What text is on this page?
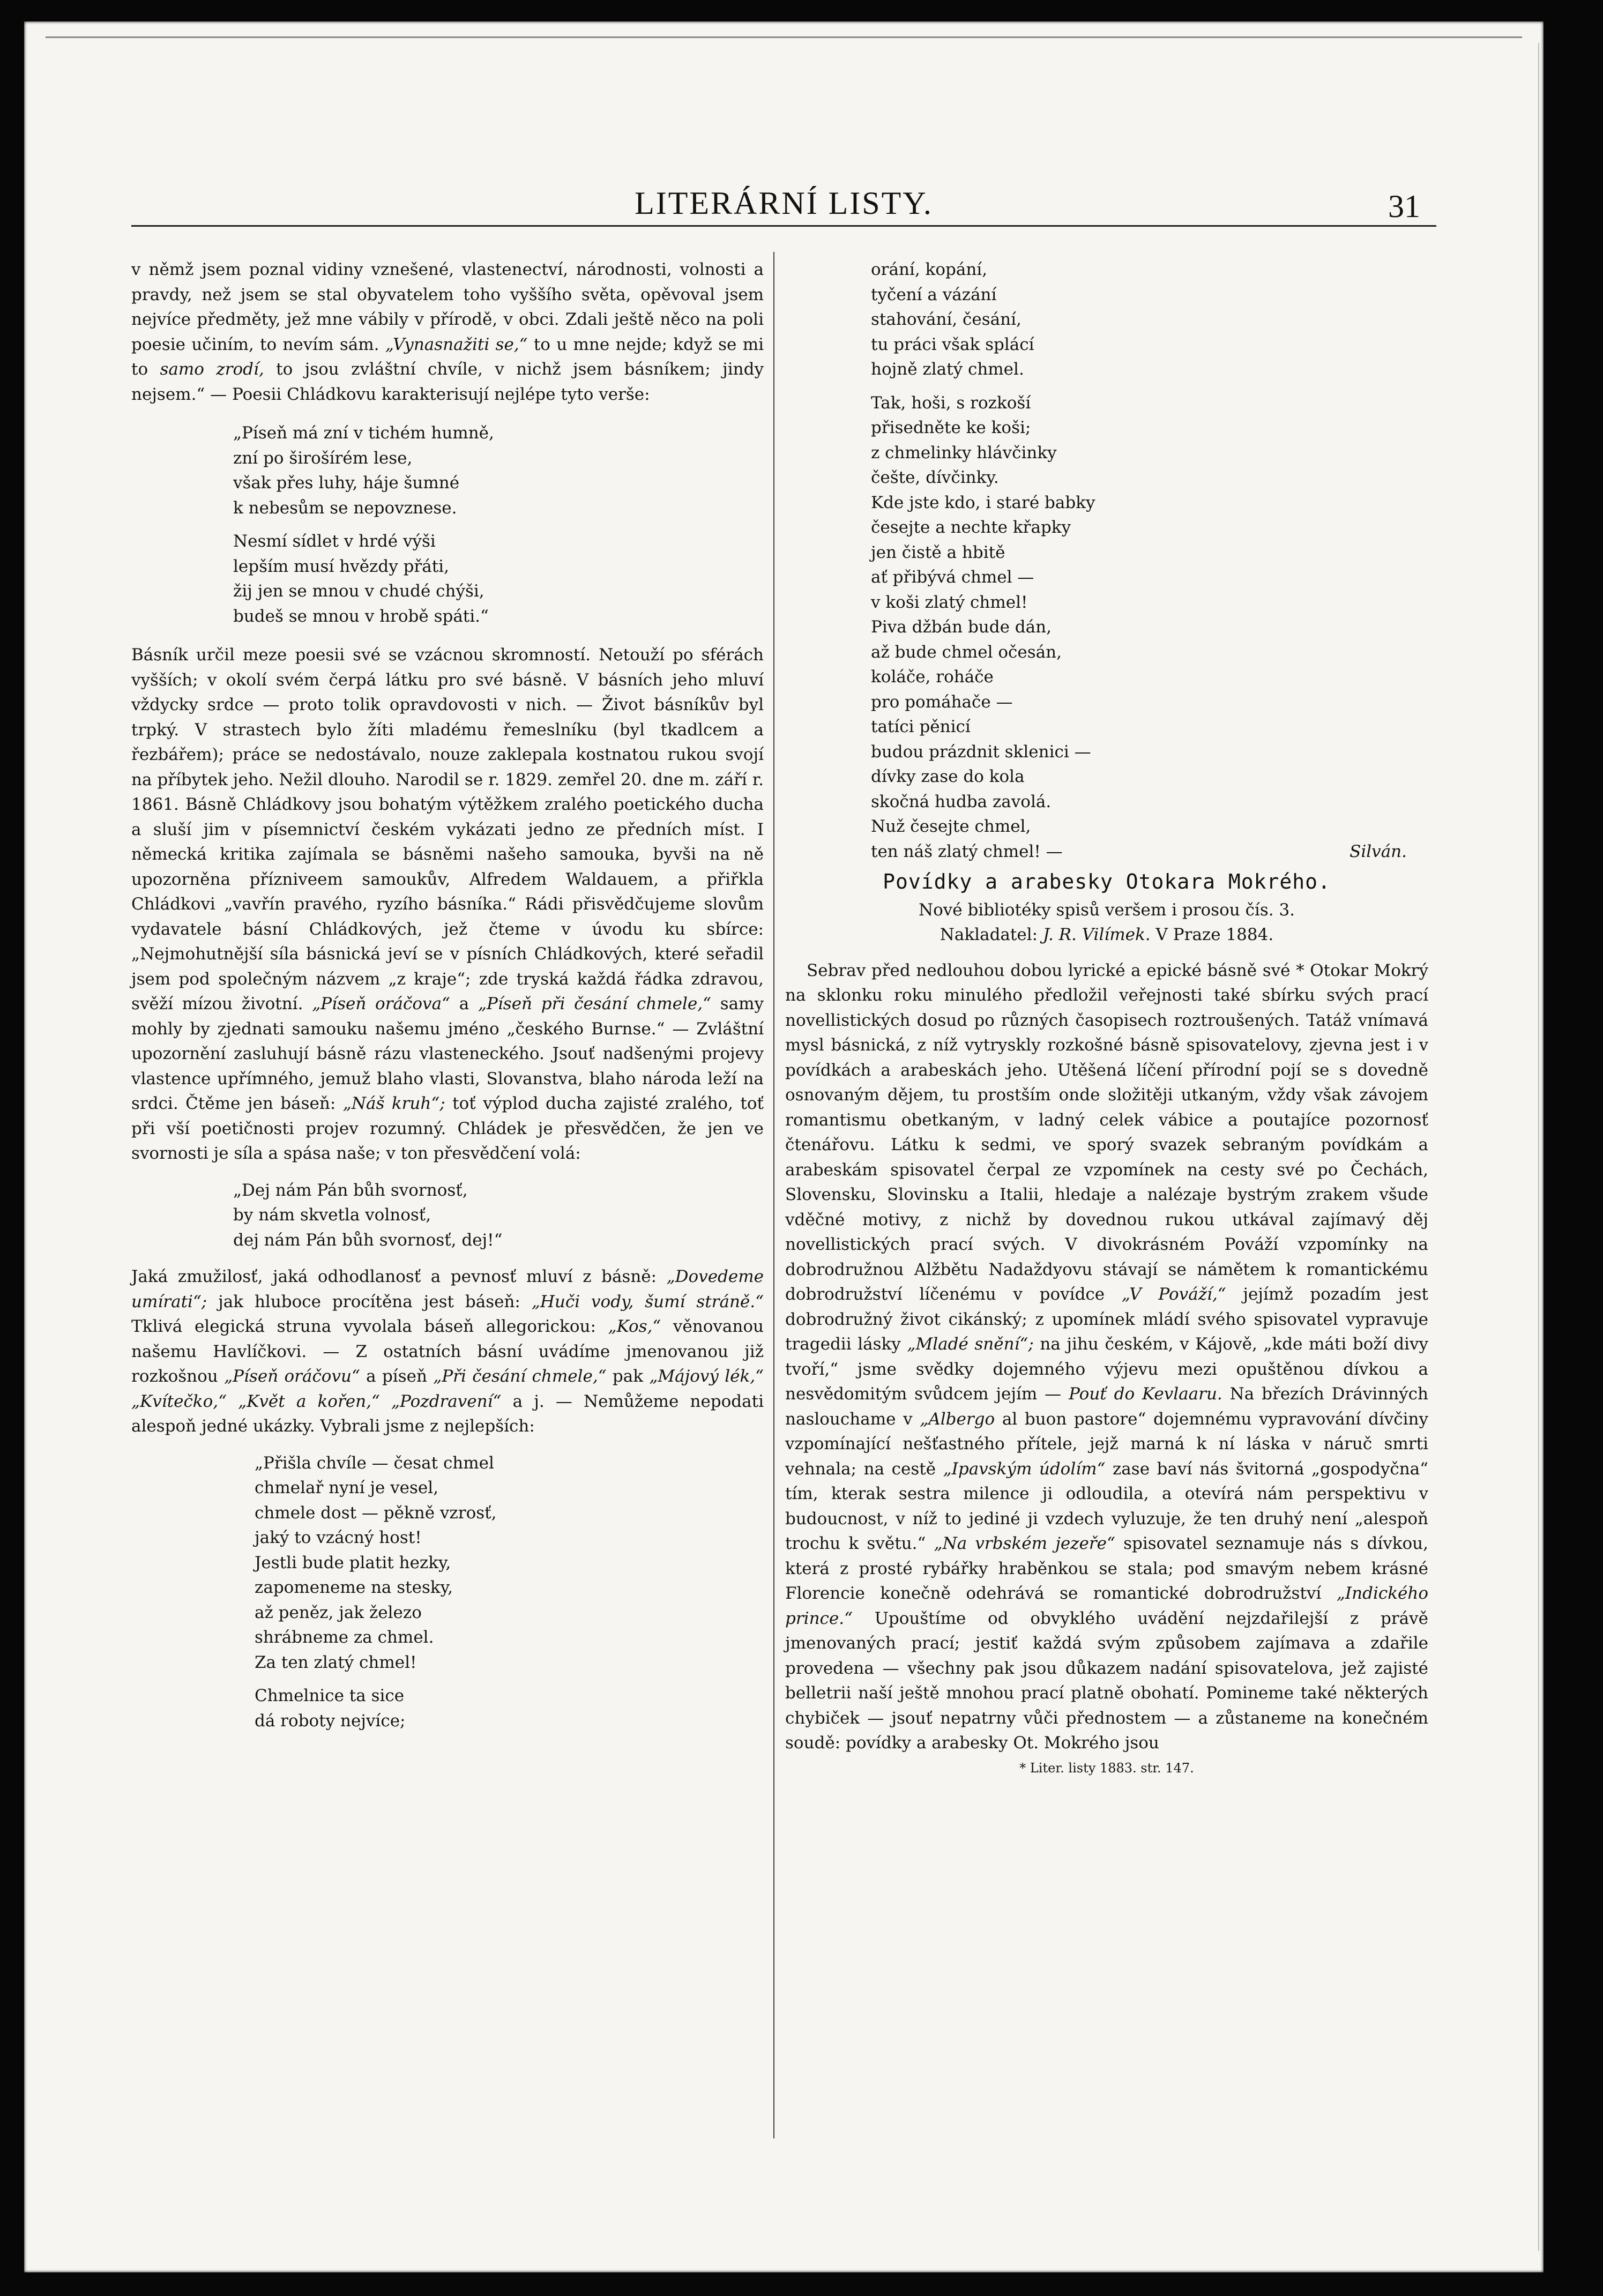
LITERÁRNÍ LISTY.	31

v němž jsem poznal vidiny vznešené, vlastenectví, národnosti, volnosti a pravdy, než jsem se stal obyvatelem toho vyššího světa, opěvoval jsem nejvíce předměty, jež mne vábily v přírodě, v obci. Zdali ještě něco na poli poesie učiním, to nevím sám. „Vynasnažiti se,“ to u mne nejde; když se mi to samo zrodí, to jsou zvláštní chvíle, v nichž jsem básníkem; jindy nejsem.“ — Poesii Chládkovu karakterisují nejlépe tyto verše:

„Píseň má zní v tichém humně,
zní po širošírém lese,
však přes luhy, háje šumné
k nebesům se nepovznese.
Nesmí sídlet v hrdé výši
lepším musí hvězdy přáti,
žij jen se mnou v chudé chýši,
budeš se mnou v hrobě spáti.“

Básník určil meze poesii své se vzácnou skromností. Netouží po sférách vyšších; v okolí svém čerpá látku pro své básně. V básních jeho mluví vždycky srdce — proto tolik opravdovosti v nich. — Život básníkův byl trpký. V strastech bylo žíti mladému řemeslníku (byl tkadlcem a řezbářem); práce se nedostávalo, nouze zaklepala kostnatou rukou svojí na příbytek jeho. Nežil dlouho. Narodil se r. 1829. zemřel 20. dne m. září r. 1861. Básně Chládkovy jsou bohatým výtěžkem zralého poetického ducha a sluší jim v písemnictví českém vykázati jedno ze předních míst. I německá kritika zajímala se básněmi našeho samouka, byvši na ně upozorněna přízniveem samoukův, Alfredem Waldauem, a přiřkla Chládkovi „vavřín pravého, ryzího básníka.“ Rádi přisvědčujeme slovům vydavatele básní Chládkových, jež čteme v úvodu ku sbírce: „Nejmohutnější síla básnická jeví se v písních Chládkových, které seřadil jsem pod společným názvem „z kraje“; zde tryská každá řádka zdravou, svěží mízou životní. „Píseň oráčova“ a „Píseň při česání chmele,“ samy mohly by zjednati samouku našemu jméno „českého Burnse.“ — Zvláštní upozornění zasluhují básně rázu vlasteneckého. Jsouť nadšenými projevy vlastence upřímného, jemuž blaho vlasti, Slovanstva, blaho národa leží na srdci. Čtěme jen báseň: „Náš kruh“; toť výplod ducha zajisté zralého, toť při vší poetičnosti projev rozumný. Chládek je přesvědčen, že jen ve svornosti je síla a spása naše; v ton přesvědčení volá:

„Dej nám Pán bůh svornosť,
by nám skvetla volnosť,
dej nám Pán bůh svornosť, dej!“

Jaká zmužilosť, jaká odhodlanosť a pevnosť mluví z básně: „Dovedeme umírati“; jak hluboce procítěna jest báseň: „Huči vody, šumí stráně.“ Tklivá elegická struna vyvolala báseň allegorickou: „Kos,“ věnovanou našemu Havlíčkovi. — Z ostatních básní uvádíme jmenovanou již rozkošnou „Píseň oráčovu“ a píseň „Při česání chmele,“ pak „Májový lék,“ „Kvítečko,“ „Květ a kořen,“ „Pozdravení“ a j. — Nemůžeme nepodati alespoň jedné ukázky. Vybrali jsme z nejlepších:

„Přišla chvíle — česat chmel
chmelař nyní je vesel,
chmele dost — pěkně vzrosť,
jaký to vzácný host!
Jestli bude platit hezky,
zapomeneme na stesky,
až peněz, jak železo
shrábneme za chmel.
Za ten zlatý chmel!
Chmelnice ta sice
dá roboty nejvíce;
orání, kopání,
tyčení a vázání
stahování, česání,
tu práci však splácí
hojně zlatý chmel.
Tak, hoši, s rozkoší
přisedněte ke koši;
z chmelinky hlávčinky
češte, dívčinky.
Kde jste kdo, i staré babky
česejte a nechte křapky
jen čistě a hbitě
ať přibývá chmel —
v koši zlatý chmel!
Piva džbán bude dán,
až bude chmel očesán,
koláče, roháče
pro pomáhače —
tatíci pěnicí
budou prázdnit sklenici —
dívky zase do kola
skočná hudba zavolá.
Nuž česejte chmel,
ten náš zlatý chmel! —	Silván.
Povídky a arabesky Otokara Mokrého.

Nové bibliotéky spisů veršem i prosou čís. 3.

Nakladatel: J. R. Vilímek. V Praze 1884.

Sebrav před nedlouhou dobou lyrické a epické básně své * Otokar Mokrý na sklonku roku minulého předložil veřejnosti také sbírku svých prací novellistických dosud po různých časopisech roztroušených. Tatáž vnímavá mysl básnická, z níž vytryskly rozkošné básně spisovatelovy, zjevna jest i v povídkách a arabeskách jeho. Utěšená líčení přírodní pojí se s dovedně osnovaným dějem, tu prostším onde složitěji utkaným, vždy však závojem romantismu obetkaným, v ladný celek vábice a poutajíce pozornosť čtenářovu. Látku k sedmi, ve sporý svazek sebraným povídkám a arabeskám spisovatel čerpal ze vzpomínek na cesty své po Čechách, Slovensku, Slovinsku a Italii, hledaje a nalézaje bystrým zrakem všude vděčné motivy, z nichž by dovednou rukou utkával zajímavý děj novellistických prací svých. V divokrásném Pováží vzpomínky na dobrodružnou Alžbětu Nadaždyovu stávají se námětem k romantickému dobrodružství líčenému v povídce „V Pováží,“ jejímž pozadím jest dobrodružný život cikánský; z upomínek mládí svého spisovatel vypravuje tragedii lásky „Mladé snění“; na jihu českém, v Kájově, „kde máti boží divy tvoří,“ jsme svědky dojemného výjevu mezi opuštěnou dívkou a nesvědomitým svůdcem jejím — Pouť do Kevlaaru. Na březích Drávinných naslouchame v „Albergo al buon pastore“ dojemnému vypravování dívčiny vzpomínající nešťastného přítele, jejž marná k ní láska v náruč smrti vehnala; na cestě „Ipavským údolím“ zase baví nás švitorná „gospodyčna“ tím, kterak sestra milence ji odloudila, a otevírá nám perspektivu v budoucnost, v níž to jediné ji vzdech vyluzuje, že ten druhý není „alespoň trochu k světu.“ „Na vrbském jezeře“ spisovatel seznamuje nás s dívkou, která z prosté rybářky hraběnkou se stala; pod smavým nebem krásné Florencie konečně odehrává se romantické dobrodružství „Indického prince.“ Upouštíme od obvyklého uvádění nejzdařilejší z právě jmenovaných prací; jestiť každá svým způsobem zajímava a zdařile provedena — všechny pak jsou důkazem nadání spisovatelova, jež zajisté belletrii naší ještě mnohou prací platně obohatí. Pomineme také některých chybiček — jsouť nepatrny vůči přednostem — a zůstaneme na konečném soudě: povídky a arabesky Ot. Mokrého jsou

* Liter. listy 1883. str. 147.
